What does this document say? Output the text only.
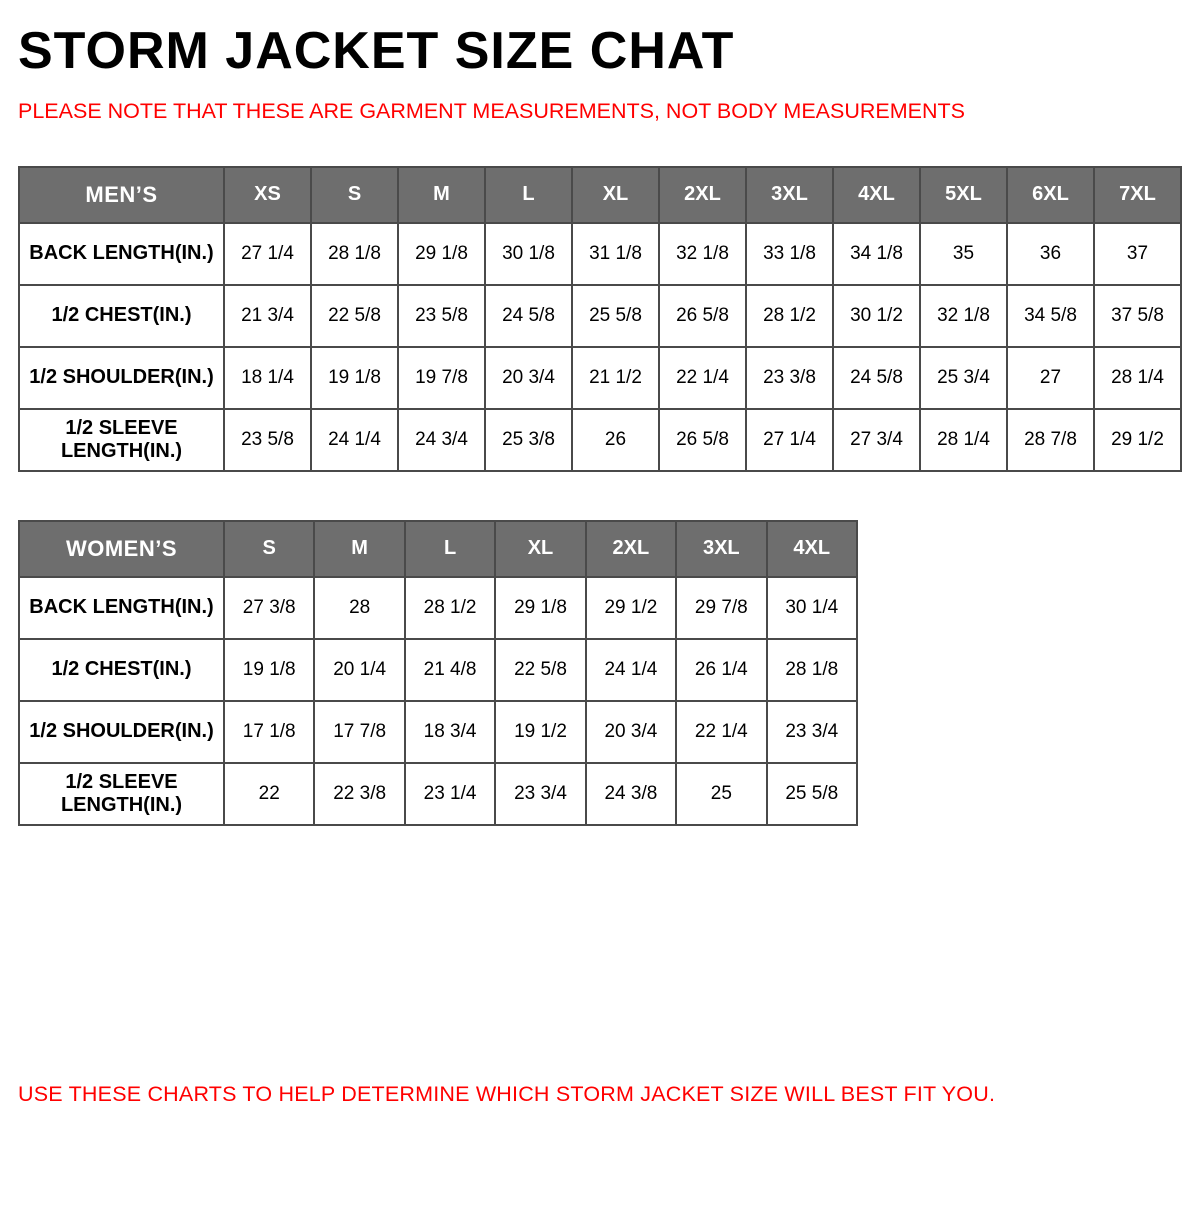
STORM JACKET SIZE CHAT
PLEASE NOTE THAT THESE ARE GARMENT MEASUREMENTS, NOT BODY MEASUREMENTS
MEN’S	XS	S	M	L	XL	2XL	3XL	4XL	5XL	6XL	7XL
BACK LENGTH(IN.)	27 1/4	28 1/8	29 1/8	30 1/8	31 1/8	32 1/8	33 1/8	34 1/8	35	36	37
1/2 CHEST(IN.)	21 3/4	22 5/8	23 5/8	24 5/8	25 5/8	26 5/8	28 1/2	30 1/2	32 1/8	34 5/8	37 5/8
1/2 SHOULDER(IN.)	18 1/4	19 1/8	19 7/8	20 3/4	21 1/2	22 1/4	23 3/8	24 5/8	25 3/4	27	28 1/4
1/2 SLEEVE LENGTH(IN.)	23 5/8	24 1/4	24 3/4	25 3/8	26	26 5/8	27 1/4	27 3/4	28 1/4	28 7/8	29 1/2
WOMEN’S	S	M	L	XL	2XL	3XL	4XL
BACK LENGTH(IN.)	27 3/8	28	28 1/2	29 1/8	29 1/2	29 7/8	30 1/4
1/2 CHEST(IN.)	19 1/8	20 1/4	21 4/8	22 5/8	24 1/4	26 1/4	28 1/8
1/2 SHOULDER(IN.)	17 1/8	17 7/8	18 3/4	19 1/2	20 3/4	22 1/4	23 3/4
1/2 SLEEVE LENGTH(IN.)	22	22 3/8	23 1/4	23 3/4	24 3/8	25	25 5/8
USE THESE CHARTS TO HELP DETERMINE WHICH STORM JACKET SIZE WILL BEST FIT YOU.
